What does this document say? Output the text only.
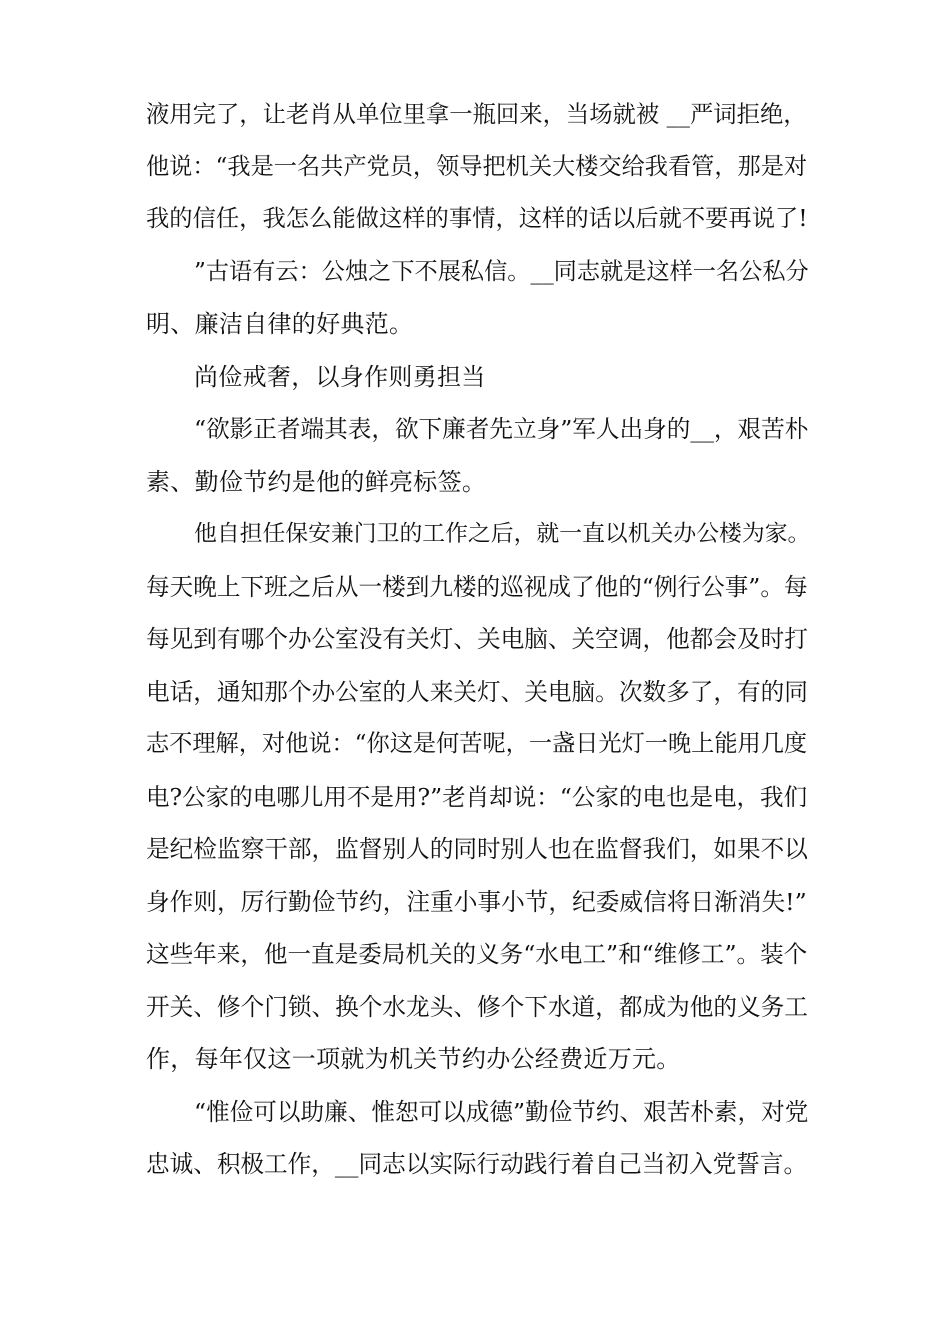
液用完了，让老肖从单位里拿一瓶回来，当场就被 __严词拒绝，
他说：“我是一名共产党员，领导把机关大楼交给我看管，那是对
我的信任，我怎么能做这样的事情，这样的话以后就不要再说了!
”古语有云：公烛之下不展私信。__同志就是这样一名公私分
明、廉洁自律的好典范。
尚俭戒奢，以身作则勇担当
“欲影正者端其表，欲下廉者先立身”军人出身的__，艰苦朴
素、勤俭节约是他的鲜亮标签。
他自担任保安兼门卫的工作之后，就一直以机关办公楼为家。
每天晚上下班之后从一楼到九楼的巡视成了他的“例行公事”。每
每见到有哪个办公室没有关灯、关电脑、关空调，他都会及时打
电话，通知那个办公室的人来关灯、关电脑。次数多了，有的同
志不理解，对他说：“你这是何苦呢，一盏日光灯一晚上能用几度
电?公家的电哪儿用不是用?”老肖却说：“公家的电也是电，我们
是纪检监察干部，监督别人的同时别人也在监督我们，如果不以
身作则，厉行勤俭节约，注重小事小节，纪委威信将日渐消失!”
这些年来，他一直是委局机关的义务“水电工”和“维修工”。装个
开关、修个门锁、换个水龙头、修个下水道，都成为他的义务工
作，每年仅这一项就为机关节约办公经费近万元。
“惟俭可以助廉、惟恕可以成德”勤俭节约、艰苦朴素，对党
忠诚、积极工作，__同志以实际行动践行着自己当初入党誓言。
